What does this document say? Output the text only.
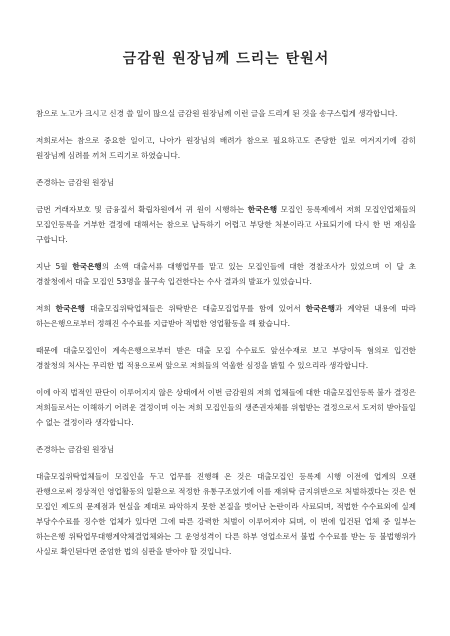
금감원 원장님께 드리는 탄원서
참으로 노고가 크시고 신경 쓸 일이 많으실 금감원 원장님께 이런 글을 드리게 된 것을 송구스럽게 생각합니다.
저희로서는 참으로 중요한 일이고, 나아가 원장님의 배려가 참으로 필요하고도 존당한 일로 여겨지기에 감히 원장님께 심려를 끼쳐 드리기로 하였습니다.
존경하는 금감원 원장님
금번 거래자보호 및 금융질서 확립차원에서 귀 원이 시행하는 한국은행 모집인 등록제에서 저희 모집인업체들의 모집인등록을 거부한 결정에 대해서는 참으로 납득하기 어렵고 부당한 처분이라고 사료되기에 다시 한 번 재심을 구합니다.
지난 5월 한국은행의 소액 대출서류 대행업무를 맡고 있는 모집인들에 대한 경찰조사가 있었으며 이 달 초 경찰청에서 대출 모집인 53명을 불구속 입건한다는 수사 결과의 발표가 있었습니다.
저희 한국은행 대출모집위탁업체들은 위탁받은 대출모집업무를 함에 있어서 한국은행과 계약된 내용에 따라 하는은행으로부터 정해진 수수료를 지급받아 적법한 영업활동을 해 왔습니다.
때문에 대출모집인이 계속은행으로부터 받은 대출 모집 수수료도 앞선수재로 보고 부당이득 혐의로 입건한 경찰청의 처사는 무리한 법 적용으로써 앞으로 저희들의 억울한 심정을 밝힐 수 있으리라 생각합니다.
이에 아직 법적인 판단이 이루어지지 않은 상태에서 이번 금감원의 저희 업체들에 대한 대출모집인등록 불가 결정은 저희들로서는 이해하기 어려운 결정이며 이는 저희 모집인들의 생존권자체를 위협받는 결정으로서 도저히 받아들일 수 없는 결정이라 생각합니다.
존경하는 금감원 원장님
대출모집위탁업체들이 모집인을 두고 업무를 진행해 온 것은 대출모집인 등록제 시행 이전에 업계의 오랜 관행으로써 정상적인 영업활동의 일환으로 적정한 유통구조였기에 이를 재위탁 금지위반으로 처벌하겠다는 것은 현 모집인 제도의 문제점과 현실을 제대로 파악하지 못한 본질을 벗어난 논란이라 사료되며, 적법한 수수료외에 실제 부당수수료를 징수한 업체가 있다면 그에 따른 강력한 처벌이 이루어져야 되며, 이 번에 입건된 업체 중 일부는 하는은행 위탁업무대행계약체결업체와는 그 운영성격이 다른 하부 영업소로서 불법 수수료를 받는 등 불법행위가 사실로 확인된다면 준엄한 법의 심판을 받아야 할 것입니다.
